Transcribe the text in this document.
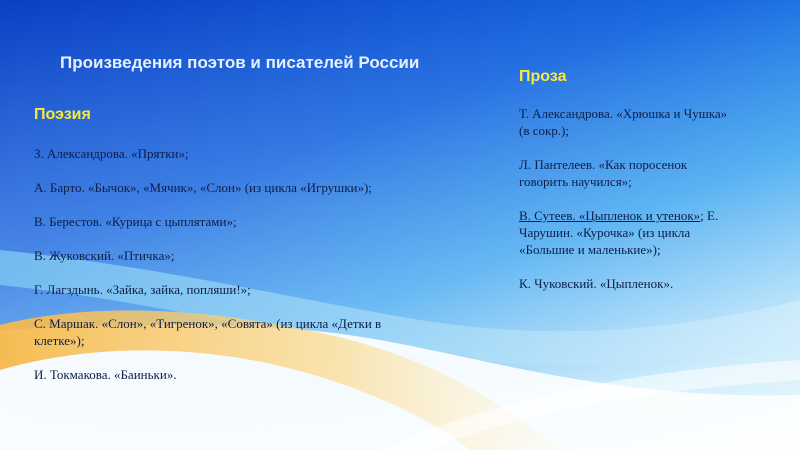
Произведения поэтов и писателей России
Поэзия
З. Александрова. «Прятки»;
А. Барто. «Бычок», «Мячик», «Слон» (из цикла «Игрушки»);
В. Берестов. «Курица с цыплятами»;
В. Жуковский. «Птичка»;
Г. Лагздынь. «Зайка, зайка, попляши!»;
С. Маршак. «Слон», «Тигренок», «Совята» (из цикла «Детки в клетке»);
И. Токмакова. «Баиньки».
Проза
Т. Александрова. «Хрюшка и Чушка» (в сокр.);
Л. Пантелеев. «Как поросенок говорить научился»;
В. Сутеев. «Цыпленок и утенок»; Е. Чарушин. «Курочка» (из цикла «Большие и маленькие»);
К. Чуковский. «Цыпленок».
